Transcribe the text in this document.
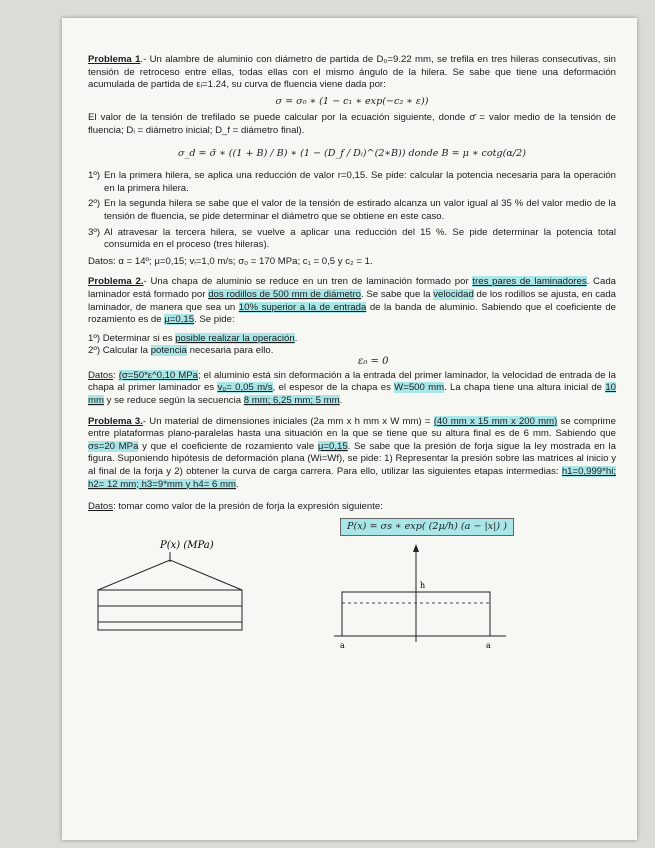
Problema 1.- Un alambre de aluminio con diámetro de partida de D₀=9.22 mm, se trefila en tres hileras consecutivas, sin tensión de retroceso entre ellas, todas ellas con el mismo ángulo de la hilera. Se sabe que tiene una deformación acumulada de partida de εᵢ=1.24, su curva de fluencia viene dada por:

σ = σ₀ ∗ (1 − c₁ ∗ exp(−c₂ ∗ ε))

El valor de la tensión de trefilado se puede calcular por la ecuación siguiente, donde σ̄ = valor medio de la tensión de fluencia; Dᵢ = diámetro inicial; D_f = diámetro final).

σ_d = σ̄ ∗ ((1 + B) / B) ∗ (1 − (D_f / Dᵢ)^(2∗B)) donde B = μ ∗ cotg(α/2)
1º) En la primera hilera, se aplica una reducción de valor r=0,15. Se pide: calcular la potencia necesaria para la operación en la primera hilera.
2º) En la segunda hilera se sabe que el valor de la tensión de estirado alcanza un valor igual al 35 % del valor medio de la tensión de fluencia, se pide determinar el diámetro que se obtiene en este caso.
3º) Al atravesar la tercera hilera, se vuelve a aplicar una reducción del 15 %. Se pide determinar la potencia total consumida en el proceso (tres hileras).

Datos: α = 14º; μ=0,15; vᵢ=1,0 m/s; σ₀ = 170 MPa; c₁ = 0,5 y c₂ = 1.

Problema 2.- Una chapa de aluminio se reduce en un tren de laminación formado por tres pares de laminadores. Cada laminador está formado por dos rodillos de 500 mm de diámetro. Se sabe que la velocidad de los rodillos se ajusta, en cada laminador, de manera que sea un 10% superior a la de entrada de la banda de aluminio. Sabiendo que el coeficiente de rozamiento es de μ=0,15. Se pide:

1º) Determinar si es posible realizar la operación.

2º) Calcular la potencia necesaria para ello.

ε₀ = 0

Datos: (σ=50*ε^0,10 MPa; el aluminio está sin deformación a la entrada del primer laminador, la velocidad de entrada de la chapa al primer laminador es v₀= 0,05 m/s, el espesor de la chapa es W=500 mm. La chapa tiene una altura inicial de 10 mm y se reduce según la secuencia 8 mm; 6,25 mm; 5 mm.

Problema 3.- Un material de dimensiones iniciales (2a mm x h mm x W mm) = (40 mm x 15 mm x 200 mm) se comprime entre plataformas plano-paralelas hasta una situación en la que se tiene que su altura final es de 6 mm. Sabiendo que σs=20 MPa y que el coeficiente de rozamiento vale μ=0,15. Se sabe que la presión de forja sigue la ley mostrada en la figura. Suponiendo hipótesis de deformación plana (Wi=Wf), se pide: 1) Representar la presión sobre las matrices al inicio y al final de la forja y 2) obtener la curva de carga carrera. Para ello, utilizar las siguientes etapas intermedias: h1=0,999*hi; h2= 12 mm; h3=9*mm y h4= 6 mm.

Datos: tomar como valor de la presión de forja la expresión siguiente:

P(x) = σs ∗ exp( (2μ/h) (a − |x|) )
P(x) (MPa)
h
a	a
